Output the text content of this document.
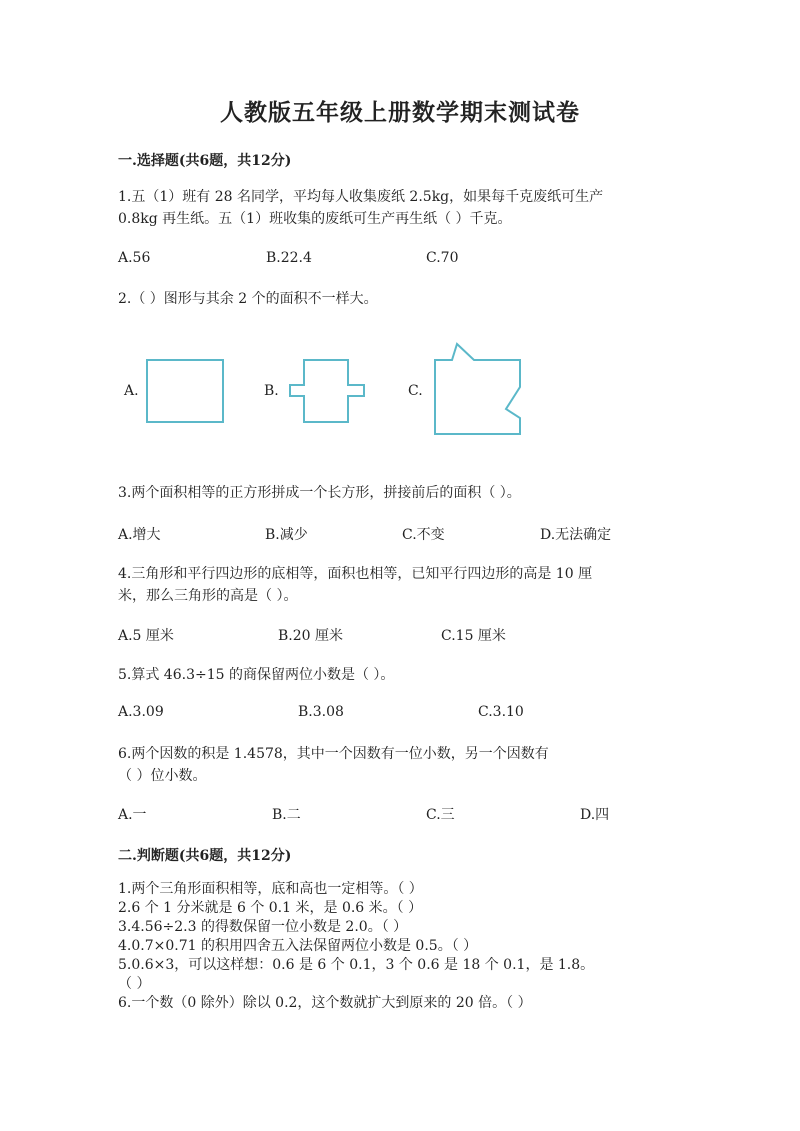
人教版五年级上册数学期末测试卷
一.选择题(共6题，共12分)
1.五（1）班有 28 名同学，平均每人收集废纸 2.5kg，如果每千克废纸可生产
0.8kg 再生纸。五（1）班收集的废纸可生产再生纸（ ）千克。
A.56	B.22.4	C.70
2.（ ）图形与其余 2 个的面积不一样大。
A.	B.	C.
3.两个面积相等的正方形拼成一个长方形，拼接前后的面积（ ）。
A.增大	B.减少	C.不变	D.无法确定
4.三角形和平行四边形的底相等，面积也相等，已知平行四边形的高是 10 厘
米，那么三角形的高是（ ）。
A.5 厘米	B.20 厘米	C.15 厘米
5.算式 46.3÷15 的商保留两位小数是（ ）。
A.3.09	B.3.08	C.3.10
6.两个因数的积是 1.4578，其中一个因数有一位小数，另一个因数有
（ ）位小数。
A.一	B.二	C.三	D.四
二.判断题(共6题，共12分)
1.两个三角形面积相等，底和高也一定相等。（ ）
2.6 个 1 分米就是 6 个 0.1 米，是 0.6 米。（ ）
3.4.56÷2.3 的得数保留一位小数是 2.0。（ ）
4.0.7×0.71 的积用四舍五入法保留两位小数是 0.5。（ ）
5.0.6×3，可以这样想：0.6 是 6 个 0.1，3 个 0.6 是 18 个 0.1，是 1.8。
（ ）
6.一个数（0 除外）除以 0.2，这个数就扩大到原来的 20 倍。（ ）
